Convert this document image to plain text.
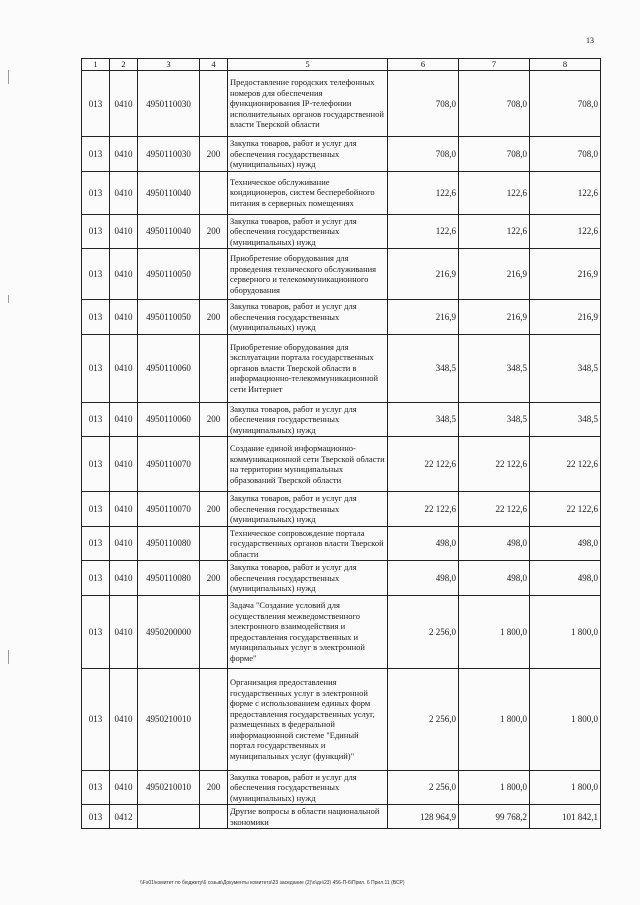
13
1	2	3	4	5	6	7	8
013	0410	4950110030		Предоставление городских телефонных номеров для обеспечения функционирования IP-телефонии исполнительных органов государственной власти Тверской области	708,0	708,0	708,0
013	0410	4950110030	200	Закупка товаров, работ и услуг для обеспечения государственных (муниципальных) нужд	708,0	708,0	708,0
013	0410	4950110040		Техническое обслуживание кондиционеров, систем бесперебойного питания в серверных помещениях	122,6	122,6	122,6
013	0410	4950110040	200	Закупка товаров, работ и услуг для обеспечения государственных (муниципальных) нужд	122,6	122,6	122,6
013	0410	4950110050		Приобретение оборудования для проведения технического обслуживания серверного и телекоммуникационного оборудования	216,9	216,9	216,9
013	0410	4950110050	200	Закупка товаров, работ и услуг для обеспечения государственных (муниципальных) нужд	216,9	216,9	216,9
013	0410	4950110060		Приобретение оборудования для эксплуатации портала государственных органов власти Тверской области в информационно-телекоммуникационной сети Интернет	348,5	348,5	348,5
013	0410	4950110060	200	Закупка товаров, работ и услуг для обеспечения государственных (муниципальных) нужд	348,5	348,5	348,5
013	0410	4950110070		Создание единой информационно-коммуникационной сети Тверской области на территории муниципальных образований Тверской области	22 122,6	22 122,6	22 122,6
013	0410	4950110070	200	Закупка товаров, работ и услуг для обеспечения государственных (муниципальных) нужд	22 122,6	22 122,6	22 122,6
013	0410	4950110080		Техническое сопровождение портала государственных органов власти Тверской области	498,0	498,0	498,0
013	0410	4950110080	200	Закупка товаров, работ и услуг для обеспечения государственных (муниципальных) нужд	498,0	498,0	498,0
013	0410	4950200000		Задача "Создание условий для осуществления межведомственного электронного взаимодействия и предоставления государственных и муниципальных услуг в электронной форме"	2 256,0	1 800,0	1 800,0
013	0410	4950210010		Организация предоставления государственных услуг в электронной форме с использованием единых форм предоставления государственных услуг, размещенных в федеральной информационной системе "Единый портал государственных и муниципальных услуг (функций)"	2 256,0	1 800,0	1 800,0
013	0410	4950210010	200	Закупка товаров, работ и услуг для обеспечения государственных (муниципальных) нужд	2 256,0	1 800,0	1 800,0
013	0412			Другие вопросы в области национальной экономики	128 964,9	99 768,2	101 842,1
\\Fs01\комитет по бюджету\6 созыв\Документы комитета\23 заседание (2)\о\дн\23) 456-П-6\Прил. 6 Прил.11 (ВСР)
